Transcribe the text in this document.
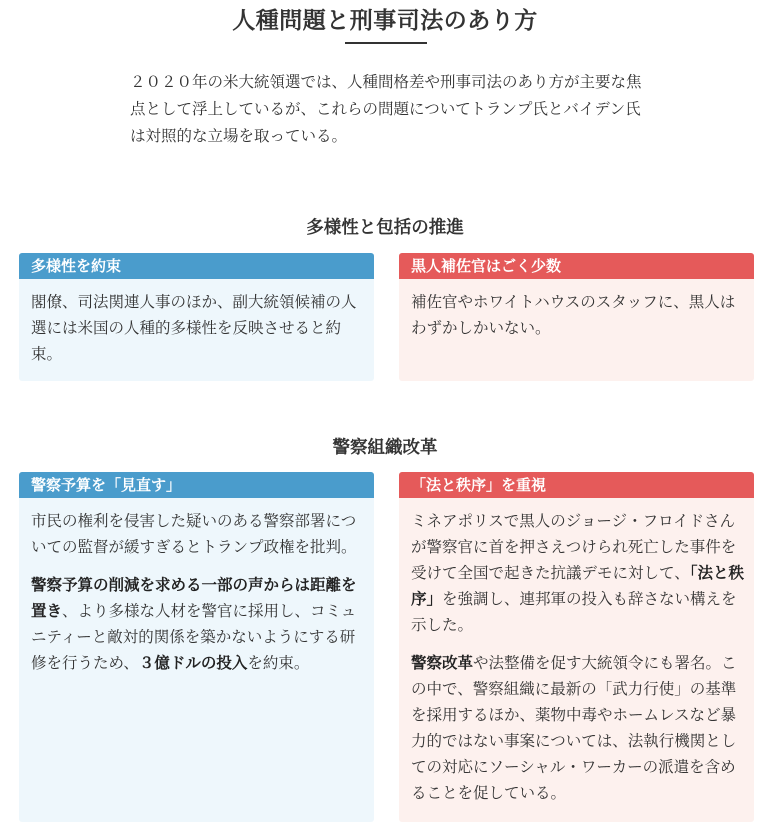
人種問題と刑事司法のあり方
２０２０年の米大統領選では、人種間格差や刑事司法のあり方が主要な焦点として浮上しているが、これらの問題についてトランプ氏とバイデン氏は対照的な立場を取っている。
多様性と包括の推進
多様性を約束

閣僚、司法関連人事のほか、副大統領候補の人選には米国の人種的多様性を反映させると約束。

黒人補佐官はごく少数

補佐官やホワイトハウスのスタッフに、黒人はわずかしかいない。

警察組織改革
警察予算を「見直す」

市民の権利を侵害した疑いのある警察部署についての監督が緩すぎるとトランプ政権を批判。

警察予算の削減を求める一部の声からは距離を置き、より多様な人材を警官に採用し、コミュニティーと敵対的関係を築かないようにする研修を行うため、３億ドルの投入を約束。

「法と秩序」を重視

ミネアポリスで黒人のジョージ・フロイドさんが警察官に首を押さえつけられ死亡した事件を受けて全国で起きた抗議デモに対して、「法と秩序」を強調し、連邦軍の投入も辞さない構えを示した。

警察改革や法整備を促す大統領令にも署名。この中で、警察組織に最新の「武力行使」の基準を採用するほか、薬物中毒やホームレスなど暴力的ではない事案については、法執行機関としての対応にソーシャル・ワーカーの派遣を含めることを促している。
